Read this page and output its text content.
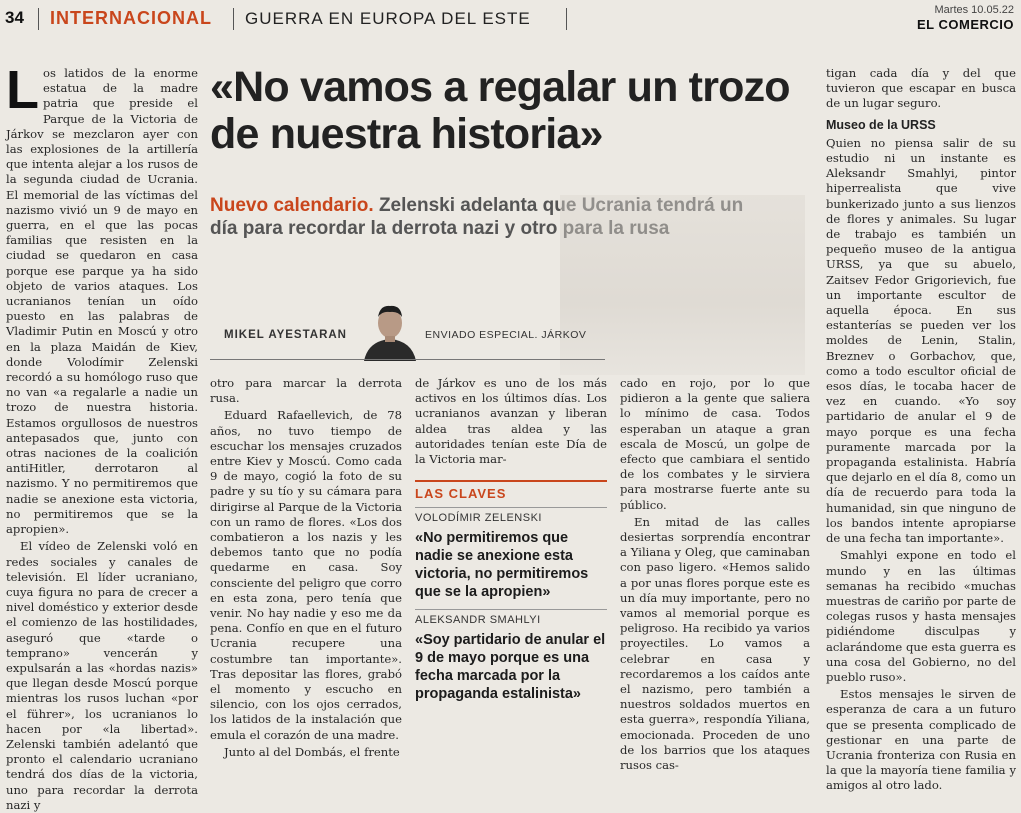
34 INTERNACIONAL GUERRA EN EUROPA DEL ESTE	Martes 10.05.22
EL COMERCIO
«No vamos a regalar un trozo de nuestra historia»
Nuevo calendario. Zelenski adelanta que Ucrania tendrá un día para recordar la derrota nazi y otro para la rusa
MIKEL AYESTARAN	ENVIADO ESPECIAL. JÁRKOV

Los latidos de la enorme estatua de la madre patria que preside el Parque de la Victoria de Járkov se mezclaron ayer con las explosiones de la artillería que intenta alejar a los rusos de la segunda ciudad de Ucrania. El memorial de las víctimas del nazismo vivió un 9 de mayo en guerra, en el que las pocas familias que resisten en la ciudad se quedaron en casa porque ese parque ya ha sido objeto de varios ataques. Los ucranianos tenían un oído puesto en las palabras de Vladimir Putin en Moscú y otro en la plaza Maidán de Kiev, donde Volodímir Zelenski recordó a su homólogo ruso que no van «a regalarle a nadie un trozo de nuestra historia. Estamos orgullosos de nuestros antepasados que, junto con otras naciones de la coalición antiHitler, derrotaron al nazismo. Y no permitiremos que nadie se anexione esta victoria, no permitiremos que se la apropien».

El vídeo de Zelenski voló en redes sociales y canales de televisión. El líder ucraniano, cuya figura no para de crecer a nivel doméstico y exterior desde el comienzo de las hostilidades, aseguró que «tarde o temprano» vencerán y expulsarán a las «hordas nazis» que llegan desde Moscú porque mientras los rusos luchan «por el führer», los ucranianos lo hacen por «la libertad». Zelenski también adelantó que pronto el calendario ucraniano tendrá dos días de la victoria, uno para recordar la derrota nazi y

otro para marcar la derrota rusa.

Eduard Rafaellevich, de 78 años, no tuvo tiempo de escuchar los mensajes cruzados entre Kiev y Moscú. Como cada 9 de mayo, cogió la foto de su padre y su tío y su cámara para dirigirse al Parque de la Victoria con un ramo de flores. «Los dos combatieron a los nazis y les debemos tanto que no podía quedarme en casa. Soy consciente del peligro que corro en esta zona, pero tenía que venir. No hay nadie y eso me da pena. Confío en que en el futuro Ucrania recupere una costumbre tan importante». Tras depositar las flores, grabó el momento y escucho en silencio, con los ojos cerrados, los latidos de la instalación que emula el corazón de una madre.

Junto al del Dombás, el frente

de Járkov es uno de los más activos en los últimos días. Los ucranianos avanzan y liberan aldea tras aldea y las autoridades tenían este Día de la Victoria mar-

LAS CLAVES
VOLODÍMIR ZELENSKI
«No permitiremos que nadie se anexione esta victoria, no permitiremos que se la apropien»
ALEKSANDR SMAHLYI
«Soy partidario de anular el 9 de mayo porque es una fecha marcada por la propaganda estalinista»

cado en rojo, por lo que pidieron a la gente que saliera lo mínimo de casa. Todos esperaban un ataque a gran escala de Moscú, un golpe de efecto que cambiara el sentido de los combates y le sirviera para mostrarse fuerte ante su público.

En mitad de las calles desiertas sorprendía encontrar a Yiliana y Oleg, que caminaban con paso ligero. «Hemos salido a por unas flores porque este es un día muy importante, pero no vamos al memorial porque es peligroso. Ha recibido ya varios proyectiles. Lo vamos a celebrar en casa y recordaremos a los caídos ante el nazismo, pero también a nuestros soldados muertos en esta guerra», respondía Yiliana, emocionada. Proceden de uno de los barrios que los ataques rusos cas-

tigan cada día y del que tuvieron que escapar en busca de un lugar seguro.

Museo de la URSS

Quien no piensa salir de su estudio ni un instante es Aleksandr Smahlyi, pintor hiperrealista que vive bunkerizado junto a sus lienzos de flores y animales. Su lugar de trabajo es también un pequeño museo de la antigua URSS, ya que su abuelo, Zaitsev Fedor Grigorievich, fue un importante escultor de aquella época. En sus estanterías se pueden ver los moldes de Lenin, Stalin, Breznev o Gorbachov, que, como a todo escultor oficial de esos días, le tocaba hacer de vez en cuando. «Yo soy partidario de anular el 9 de mayo porque es una fecha puramente marcada por la propaganda estalinista. Habría que dejarlo en el día 8, como un día de recuerdo para toda la humanidad, sin que ninguno de los bandos intente apropiarse de una fecha tan importante».

Smahlyi expone en todo el mundo y en las últimas semanas ha recibido «muchas muestras de cariño por parte de colegas rusos y hasta mensajes pidiéndome disculpas y aclarándome que esta guerra es una cosa del Gobierno, no del pueblo ruso».

Estos mensajes le sirven de esperanza de cara a un futuro que se presenta complicado de gestionar en una parte de Ucrania fronteriza con Rusia en la que la mayoría tiene familia y amigos al otro lado.
